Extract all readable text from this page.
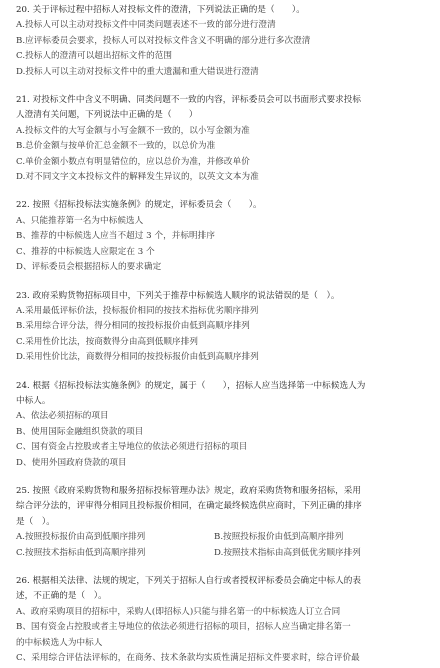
20. 关于评标过程中招标人对投标文件的澄清，下列说法正确的是（　　）。
A.投标人可以主动对投标文件中同类问题表述不一致的部分进行澄清
B.应评标委员会要求，投标人可以对投标文件含义不明确的部分进行多次澄清
C.投标人的澄清可以超出招标文件的范围
D.投标人可以主动对投标文件中的重大遗漏和重大错误进行澄清
21. 对投标文件中含义不明确、同类问题不一致的内容，评标委员会可以书面形式要求投标
人澄清有关问题，下列说法中正确的是（　　）
A.投标文件的大写金额与小写金额不一致的，以小写金额为准
B.总价金额与按单价汇总金额不一致的，以总价为准
C.单价金额小数点有明显错位的，应以总价为准，并修改单价
D.对不同文字文本投标文件的解释发生异议的，以英文文本为准
22. 按照《招标投标法实施条例》的规定，评标委员会（　　）。
A、只能推荐第一名为中标候选人
B、推荐的中标候选人应当不超过 3 个，并标明排序
C、推荐的中标候选人应限定在 3 个
D、评标委员会根据招标人的要求确定
23. 政府采购货物招标项目中，下列关于推荐中标候选人顺序的说法错误的是（　）。
A.采用最低评标价法，投标报价相同的按技术指标优劣顺序排列
B.采用综合评分法，得分相同的按投标报价由低到高顺序排列
C.采用性价比法，按商数得分由高到低顺序排列
D.采用性价比法，商数得分相同的按投标报价由低到高顺序排列
24. 根据《招标投标法实施条例》的规定，属于（　　），招标人应当选择第一中标候选人为
中标人。
A、依法必须招标的项目
B、使用国际金融组织贷款的项目
C、国有资金占控股或者主导地位的依法必须进行招标的项目
D、使用外国政府贷款的项目
25. 按照《政府采购货物和服务招标投标管理办法》规定，政府采购货物和服务招标，采用
综合评分法的，评审得分相同且投标报价相同，在确定最终候选供应商时，下列正确的排序
是（　）。
A.按照投标报价由高到低顺序排列	B.按照投标报价由低到高顺序排列
C.按照技术指标由低到高顺序排列	D.按照技术指标由高到低优劣顺序排列
26. 根据相关法律、法规的规定，下列关于招标人自行或者授权评标委员会确定中标人的表
述，不正确的是（　）。
A、政府采购项目的招标中，采购人(即招标人)只能与排名第一的中标候选人订立合同
B、国有资金占控股或者主导地位的依法必须进行招标的项目，招标人应当确定排名第一
的中标候选人为中标人
C、采用综合评估法评标的，在商务、技术条款均实质性满足招标文件要求时，综合评价最
